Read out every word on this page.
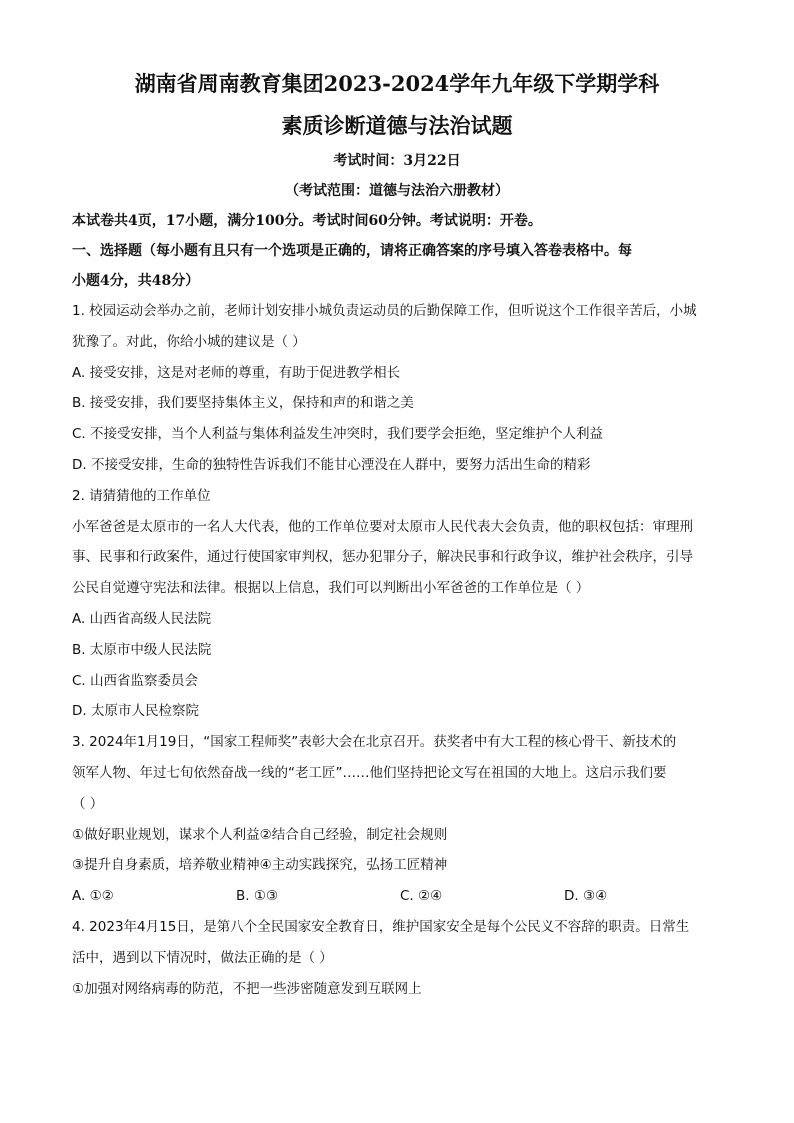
湖南省周南教育集团2023-2024学年九年级下学期学科
素质诊断道德与法治试题

考试时间：3月22日

（考试范围：道德与法治六册教材）

本试卷共4页，17小题，满分100分。考试时间60分钟。考试说明：开卷。

一、选择题（每小题有且只有一个选项是正确的，请将正确答案的序号填入答卷表格中。每

小题4分，共48分）

1. 校园运动会举办之前，老师计划安排小城负责运动员的后勤保障工作，但听说这个工作很辛苦后，小城

犹豫了。对此，你给小城的建议是（ ）

A. 接受安排，这是对老师的尊重，有助于促进教学相长

B. 接受安排，我们要坚持集体主义，保持和声的和谐之美

C. 不接受安排，当个人利益与集体利益发生冲突时，我们要学会拒绝，坚定维护个人利益

D. 不接受安排，生命的独特性告诉我们不能甘心湮没在人群中，要努力活出生命的精彩

2. 请猜猜他的工作单位

小军爸爸是太原市的一名人大代表，他的工作单位要对太原市人民代表大会负责，他的职权包括：审理刑

事、民事和行政案件，通过行使国家审判权，惩办犯罪分子，解决民事和行政争议，维护社会秩序，引导

公民自觉遵守宪法和法律。根据以上信息，我们可以判断出小军爸爸的工作单位是（ ）

A. 山西省高级人民法院

B. 太原市中级人民法院

C. 山西省监察委员会

D. 太原市人民检察院

3. 2024年1月19日，“国家工程师奖”表彰大会在北京召开。获奖者中有大工程的核心骨干、新技术的

领军人物、年过七旬依然奋战一线的“老工匠”……他们坚持把论文写在祖国的大地上。这启示我们要

（ ）

①做好职业规划，谋求个人利益②结合自己经验，制定社会规则

③提升自身素质，培养敬业精神④主动实践探究，弘扬工匠精神

A. ①②	B. ①③	C. ②④	D. ③④

4. 2023年4月15日，是第八个全民国家安全教育日，维护国家安全是每个公民义不容辞的职责。日常生

活中，遇到以下情况时，做法正确的是（ ）

①加强对网络病毒的防范，不把一些涉密随意发到互联网上
